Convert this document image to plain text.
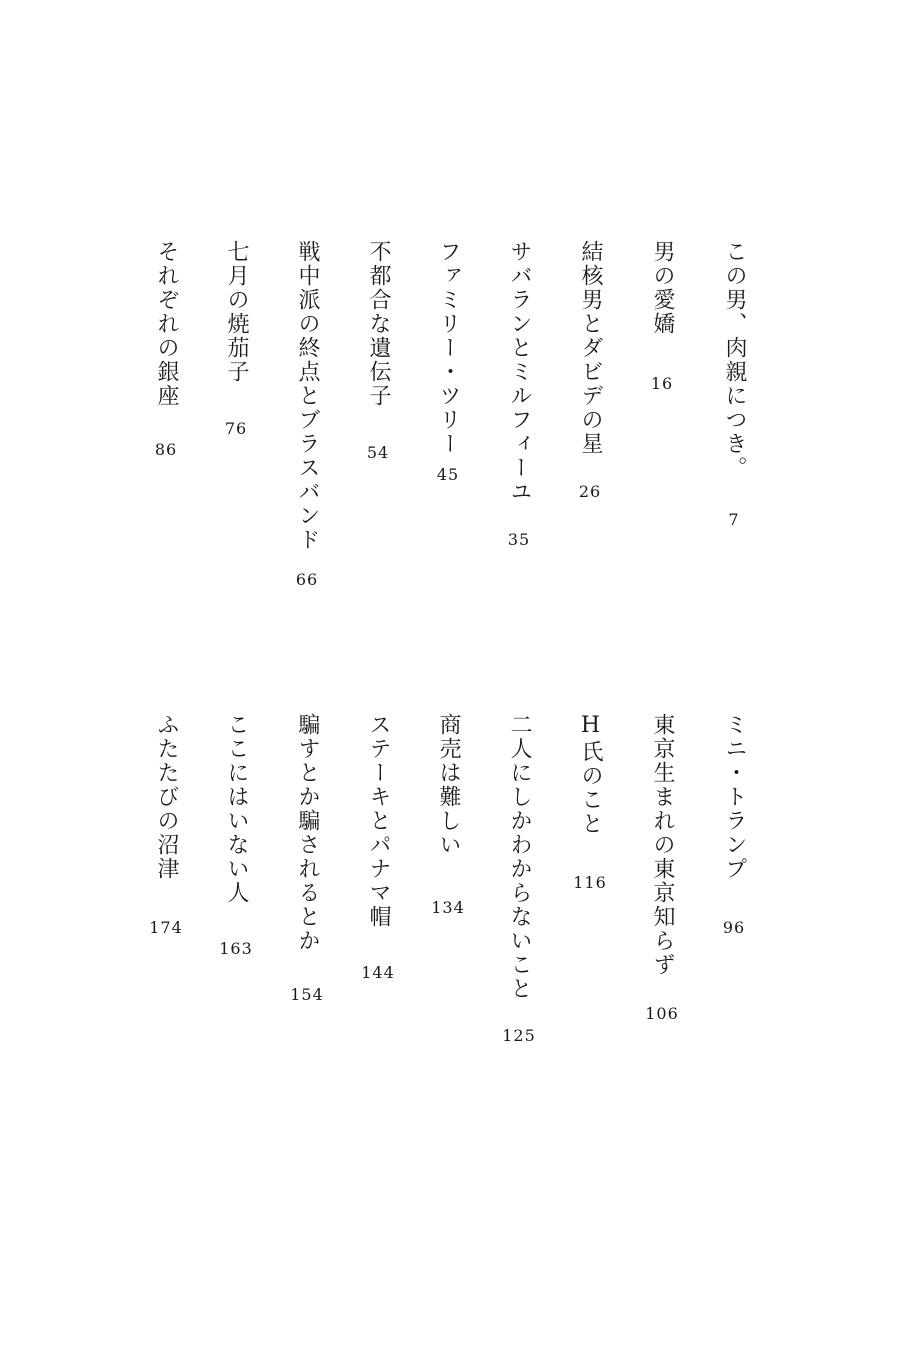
この男、肉親につき。
7
男の愛嬌
16
結核男とダビデの星
26
サバランとミルフィーユ
35
ファミリー・ツリー
45
不都合な遺伝子
54
戦中派の終点とブラスバンド
66
七月の焼茄子
76
それぞれの銀座
86
ミニ・トランプ
96
東京生まれの東京知らず
106
H氏のこと
116
二人にしかわからないこと
125
商売は難しい
134
ステーキとパナマ帽
144
騙すとか騙されるとか
154
ここにはいない人
163
ふたたびの沼津
174
